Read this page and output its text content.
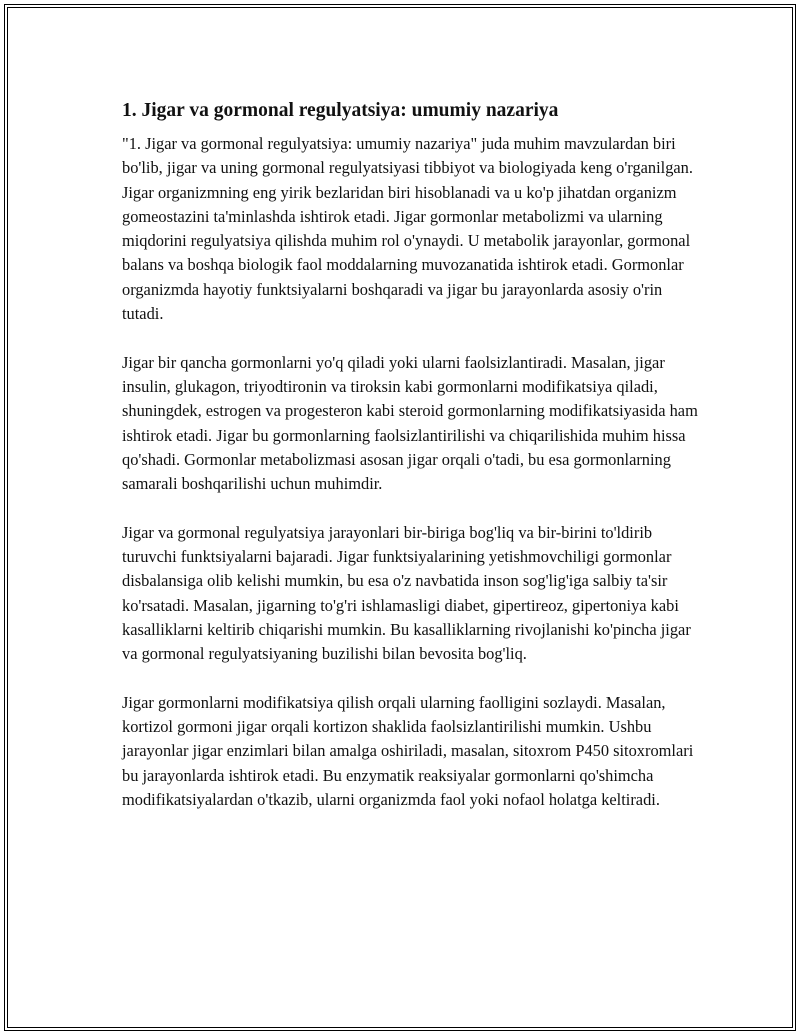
1. Jigar va gormonal regulyatsiya: umumiy nazariya

"1. Jigar va gormonal regulyatsiya: umumiy nazariya" juda muhim mavzulardan biri bo'lib, jigar va uning gormonal regulyatsiyasi tibbiyot va biologiyada keng o'rganilgan. Jigar organizmning eng yirik bezlaridan biri hisoblanadi va u ko'p jihatdan organizm gomeostazini ta'minlashda ishtirok etadi. Jigar gormonlar metabolizmi va ularning miqdorini regulyatsiya qilishda muhim rol o'ynaydi. U metabolik jarayonlar, gormonal balans va boshqa biologik faol moddalarning muvozanatida ishtirok etadi. Gormonlar organizmda hayotiy funktsiyalarni boshqaradi va jigar bu jarayonlarda asosiy o'rin tutadi.

Jigar bir qancha gormonlarni yo'q qiladi yoki ularni faolsizlantiradi. Masalan, jigar insulin, glukagon, triyodtironin va tiroksin kabi gormonlarni modifikatsiya qiladi, shuningdek, estrogen va progesteron kabi steroid gormonlarning modifikatsiyasida ham ishtirok etadi. Jigar bu gormonlarning faolsizlantirilishi va chiqarilishida muhim hissa qo'shadi. Gormonlar metabolizmasi asosan jigar orqali o'tadi, bu esa gormonlarning samarali boshqarilishi uchun muhimdir.

Jigar va gormonal regulyatsiya jarayonlari bir-biriga bog'liq va bir-birini to'ldirib turuvchi funktsiyalarni bajaradi. Jigar funktsiyalarining yetishmovchiligi gormonlar disbalansiga olib kelishi mumkin, bu esa o'z navbatida inson sog'lig'iga salbiy ta'sir ko'rsatadi. Masalan, jigarning to'g'ri ishlamasligi diabet, gipertireoz, gipertoniya kabi kasalliklarni keltirib chiqarishi mumkin. Bu kasalliklarning rivojlanishi ko'pincha jigar va gormonal regulyatsiyaning buzilishi bilan bevosita bog'liq.

Jigar gormonlarni modifikatsiya qilish orqali ularning faolligini sozlaydi. Masalan, kortizol gormoni jigar orqali kortizon shaklida faolsizlantirilishi mumkin. Ushbu jarayonlar jigar enzimlari bilan amalga oshiriladi, masalan, sitoxrom P450 sitoxromlari bu jarayonlarda ishtirok etadi. Bu enzymatik reaksiyalar gormonlarni qo'shimcha modifikatsiyalardan o'tkazib, ularni organizmda faol yoki nofaol holatga keltiradi.
